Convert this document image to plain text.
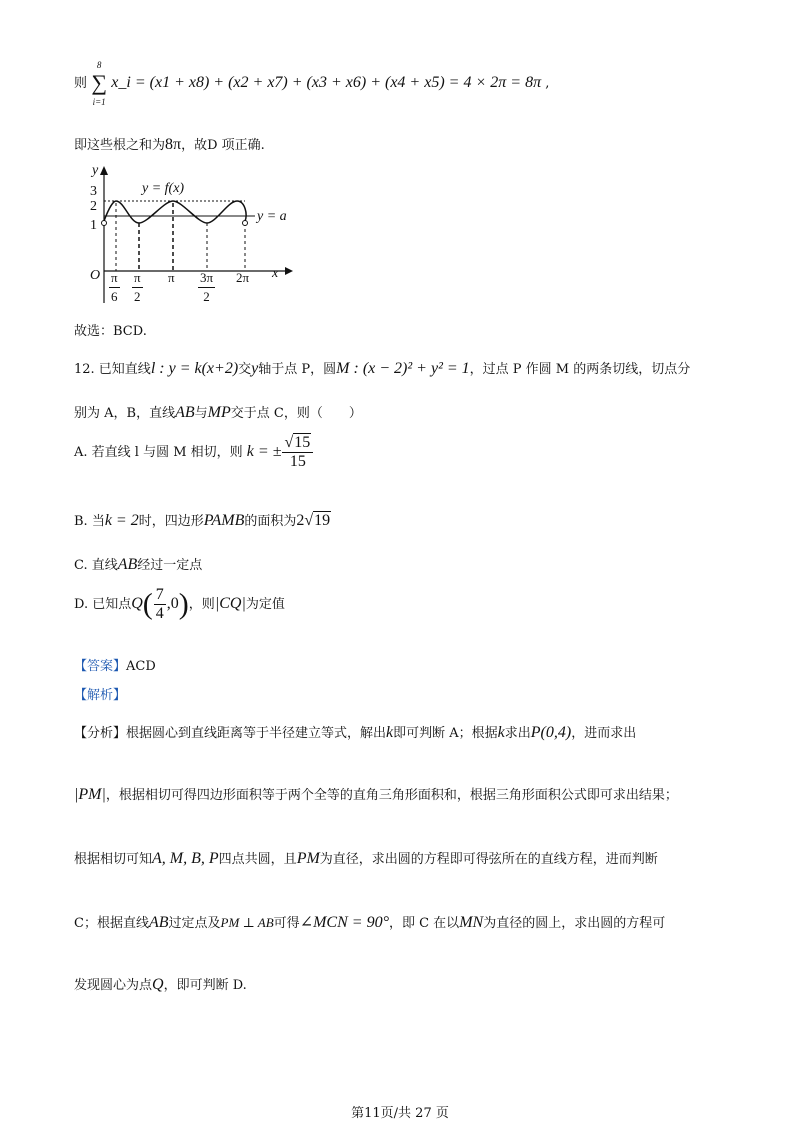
则
8
∑
i=1
x_i = (x1 + x8) + (x2 + x7) + (x3 + x6) + (x4 + x5) = 4 × 2π = 8π ,
即这些根之和为8π，故D 项正确.
y
x
O
3
2
1
y = f(x)
y = a
$\frac{\pi}{6} \frac{\pi}{2}$ π $\frac{3\pi}{2} 2\pi$
故选：BCD.
12. 已知直线l : y = k(x+2)交y轴于点 P，圆M : (x − 2)² + y² = 1，过点 P 作圆 M 的两条切线，切点分
别为 A，B，直线AB与MP交于点 C，则（　　）
A. 若直线 l 与圆 M 相切，则 k = ± $\frac{√15}{15}$
B. 当k = 2时，四边形PAMB的面积为2√19
C. 直线AB经过一定点
D. 已知点$Q( \frac{7}{4} ,0)$，则|CQ|为定值
【答案】ACD
【解析】
【分析】根据圆心到直线距离等于半径建立等式，解出k即可判断 A；根据k求出P(0,4)，进而求出
|PM|，根据相切可得四边形面积等于两个全等的直角三角形面积和，根据三角形面积公式即可求出结果；
根据相切可知A, M, B, P四点共圆，且PM为直径，求出圆的方程即可得弦所在的直线方程，进而判断
C；根据直线AB过定点及PM ⊥ AB可得∠MCN = 90°，即 C 在以MN为直径的圆上，求出圆的方程可
发现圆心为点Q，即可判断 D.
第11页/共 27 页
